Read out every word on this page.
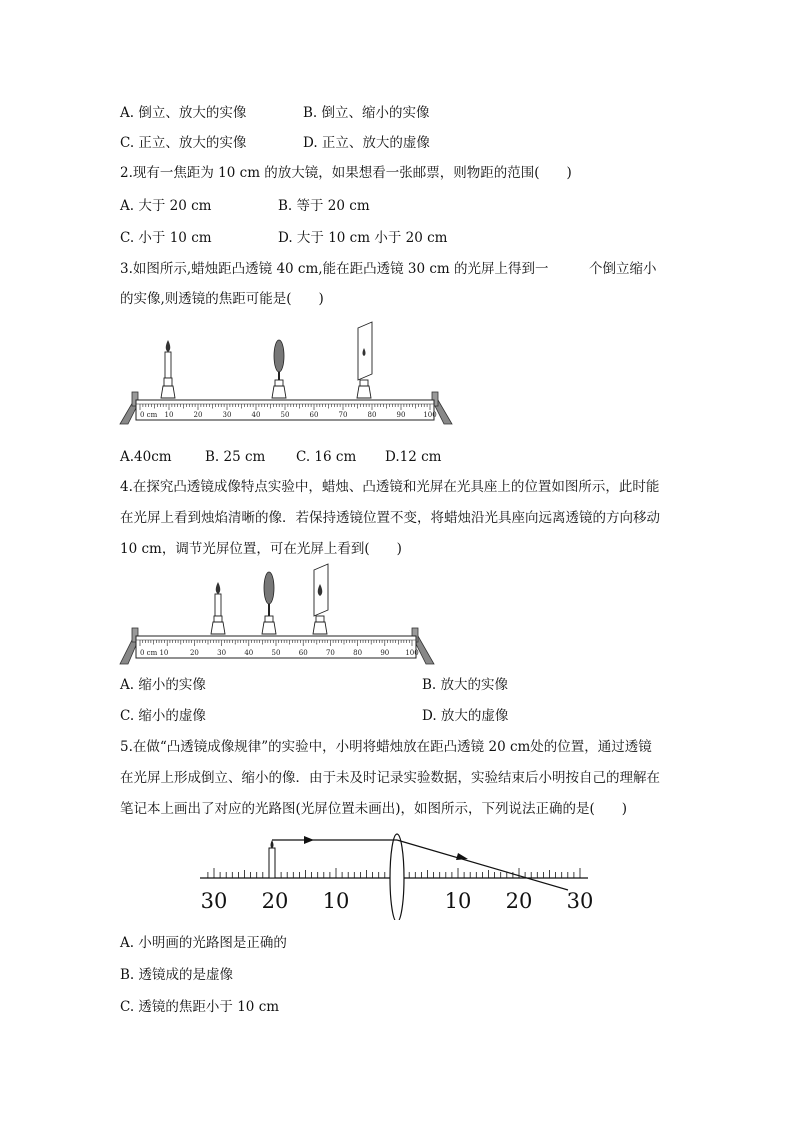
A. 倒立、放大的实像	B. 倒立、缩小的实像
C. 正立、放大的实像	D. 正立、放大的虚像
2.现有一焦距为 10 cm 的放大镜，如果想看一张邮票，则物距的范围(　　)
A. 大于 20 cm	B. 等于 20 cm
C. 小于 10 cm	D. 大于 10 cm 小于 20 cm
3.如图所示,蜡烛距凸透镜 40 cm,能在距凸透镜 30 cm 的光屏上得到一　　　个倒立缩小
的实像,则透镜的焦距可能是(　　)
0 cm 10	20	30	40	50	60	70	80	90	100
A.40cm B. 25 cm C. 16 cm D.12 cm
4.在探究凸透镜成像特点实验中，蜡烛、凸透镜和光屏在光具座上的位置如图所示，此时能
在光屏上看到烛焰清晰的像．若保持透镜位置不变，将蜡烛沿光具座向远离透镜的方向移动
10 cm，调节光屏位置，可在光屏上看到(　　)
0 cm 10	20	30	40	50	60	70	80	90 100
A. 缩小的实像	B. 放大的实像
C. 缩小的虚像	D. 放大的虚像
5.在做“凸透镜成像规律”的实验中，小明将蜡烛放在距凸透镜 20 cm处的位置，通过透镜
在光屏上形成倒立、缩小的像．由于未及时记录实验数据，实验结束后小明按自己的理解在
笔记本上画出了对应的光路图(光屏位置未画出)，如图所示，下列说法正确的是(　　)
30 20 10	10 20 30
A. 小明画的光路图是正确的
B. 透镜成的是虚像
C. 透镜的焦距小于 10 cm
